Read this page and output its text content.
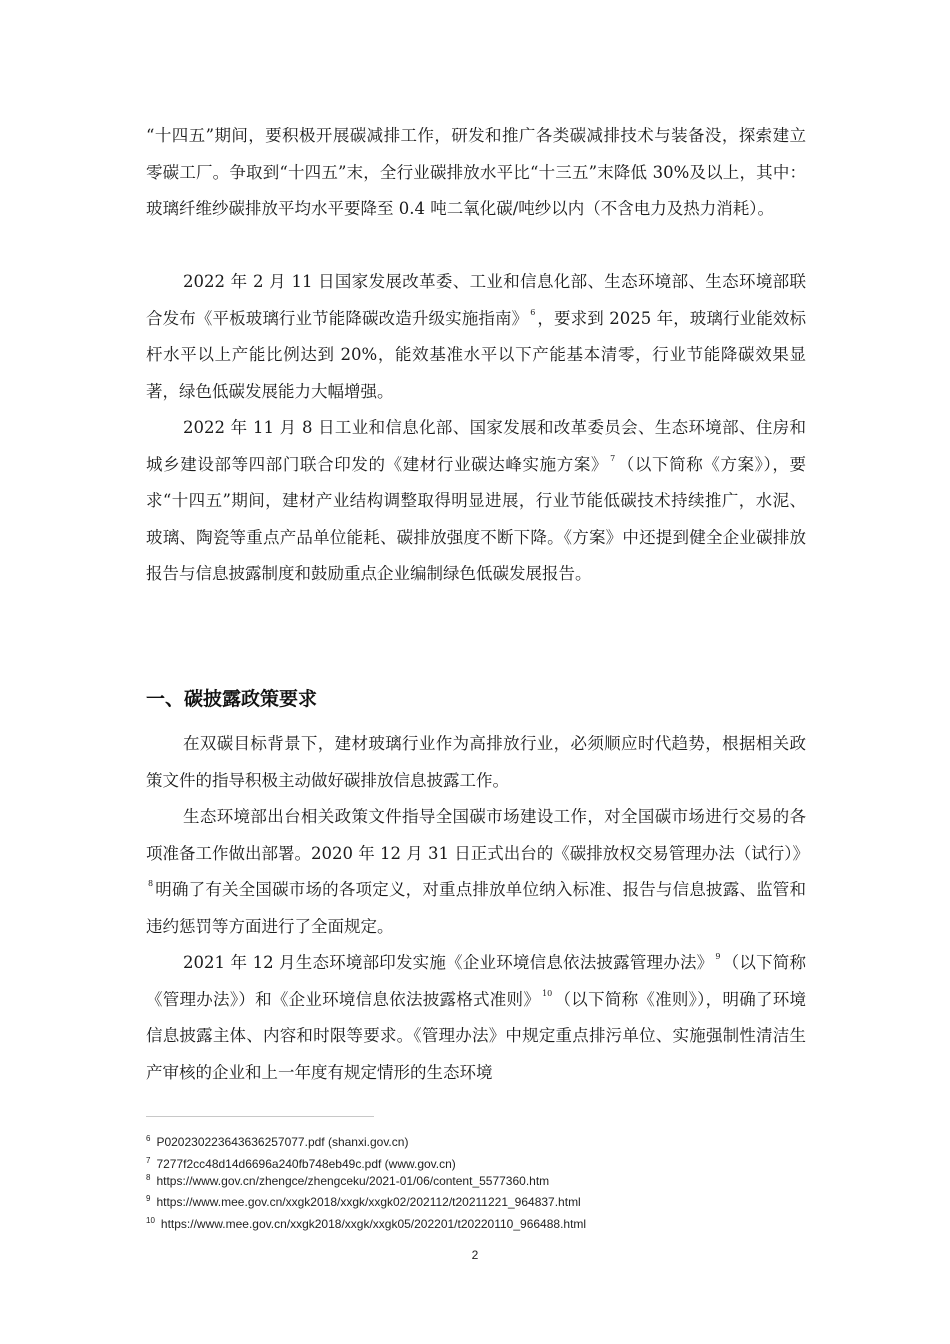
“十四五”期间，要积极开展碳减排工作，研发和推广各类碳减排技术与装备没，探索建立零碳工厂。争取到“十四五”末，全行业碳排放水平比“十三五”末降低 30%及以上，其中：玻璃纤维纱碳排放平均水平要降至 0.4 吨二氧化碳/吨纱以内（不含电力及热力消耗）。

2022 年 2 月 11 日国家发展改革委、工业和信息化部、生态环境部、生态环境部联合发布《平板玻璃行业节能降碳改造升级实施指南》 $^6$ ，要求到 2025 年，玻璃行业能效标杆水平以上产能比例达到 20%，能效基准水平以下产能基本清零，行业节能降碳效果显著，绿色低碳发展能力大幅增强。

2022 年 11 月 8 日工业和信息化部、国家发展和改革委员会、生态环境部、住房和城乡建设部等四部门联合印发的《建材行业碳达峰实施方案》 $^7$ （以下简称《方案》），要求“十四五”期间，建材产业结构调整取得明显进展，行业节能低碳技术持续推广，水泥、玻璃、陶瓷等重点产品单位能耗、碳排放强度不断下降。《方案》中还提到健全企业碳排放报告与信息披露制度和鼓励重点企业编制绿色低碳发展报告。

一、碳披露政策要求

在双碳目标背景下，建材玻璃行业作为高排放行业，必须顺应时代趋势，根据相关政策文件的指导积极主动做好碳排放信息披露工作。

生态环境部出台相关政策文件指导全国碳市场建设工作，对全国碳市场进行交易的各项准备工作做出部署。2020 年 12 月 31 日正式出台的《碳排放权交易管理办法（试行）》$^8$ 明确了有关全国碳市场的各项定义，对重点排放单位纳入标准、报告与信息披露、监管和违约惩罚等方面进行了全面规定。

2021 年 12 月生态环境部印发实施《企业环境信息依法披露管理办法》 $^9$ （以下简称《管理办法》）和《企业环境信息依法披露格式准则》 $^{10}$ （以下简称《准则》），明确了环境信息披露主体、内容和时限等要求。《管理办法》中规定重点排污单位、实施强制性清洁生产审核的企业和上一年度有规定情形的生态环境

$^6$ P020230223643636257077.pdf (shanxi.gov.cn)

$^7$ 7277f2cc48d14d6696a240fb748eb49c.pdf (www.gov.cn)

$^8$ https://www.gov.cn/zhengce/zhengceku/2021-01/06/content_5577360.htm

$^9$ https://www.mee.gov.cn/xxgk2018/xxgk/xxgk02/202112/t20211221_964837.html

$^{10}$ https://www.mee.gov.cn/xxgk2018/xxgk/xxgk05/202201/t20220110_966488.html

2
